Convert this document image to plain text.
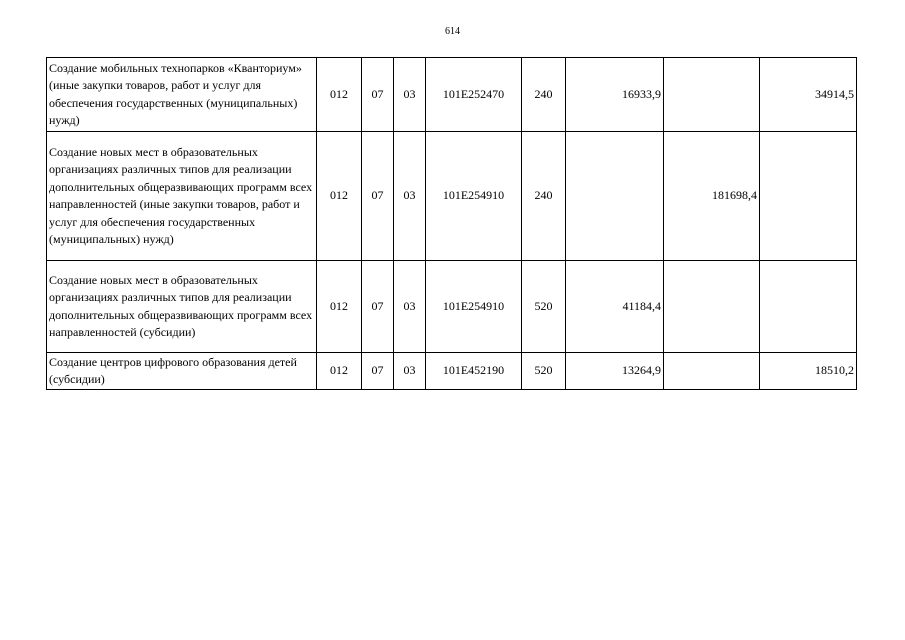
614
Создание мобильных технопарков «Кванториум» (иные закупки товаров, работ и услуг для обеспечения государственных (муниципальных) нужд)	012	07	03	101E252470	240	16933,9		34914,5
Создание новых мест в образовательных организациях различных типов для реализации дополнительных общеразвивающих программ всех направленностей (иные закупки товаров, работ и услуг для обеспечения государственных (муниципальных) нужд)	012	07	03	101E254910	240		181698,4	
Создание новых мест в образовательных организациях различных типов для реализации дополнительных общеразвивающих программ всех направленностей (субсидии)	012	07	03	101E254910	520	41184,4		
Создание центров цифрового образования детей (субсидии)	012	07	03	101E452190	520	13264,9		18510,2
